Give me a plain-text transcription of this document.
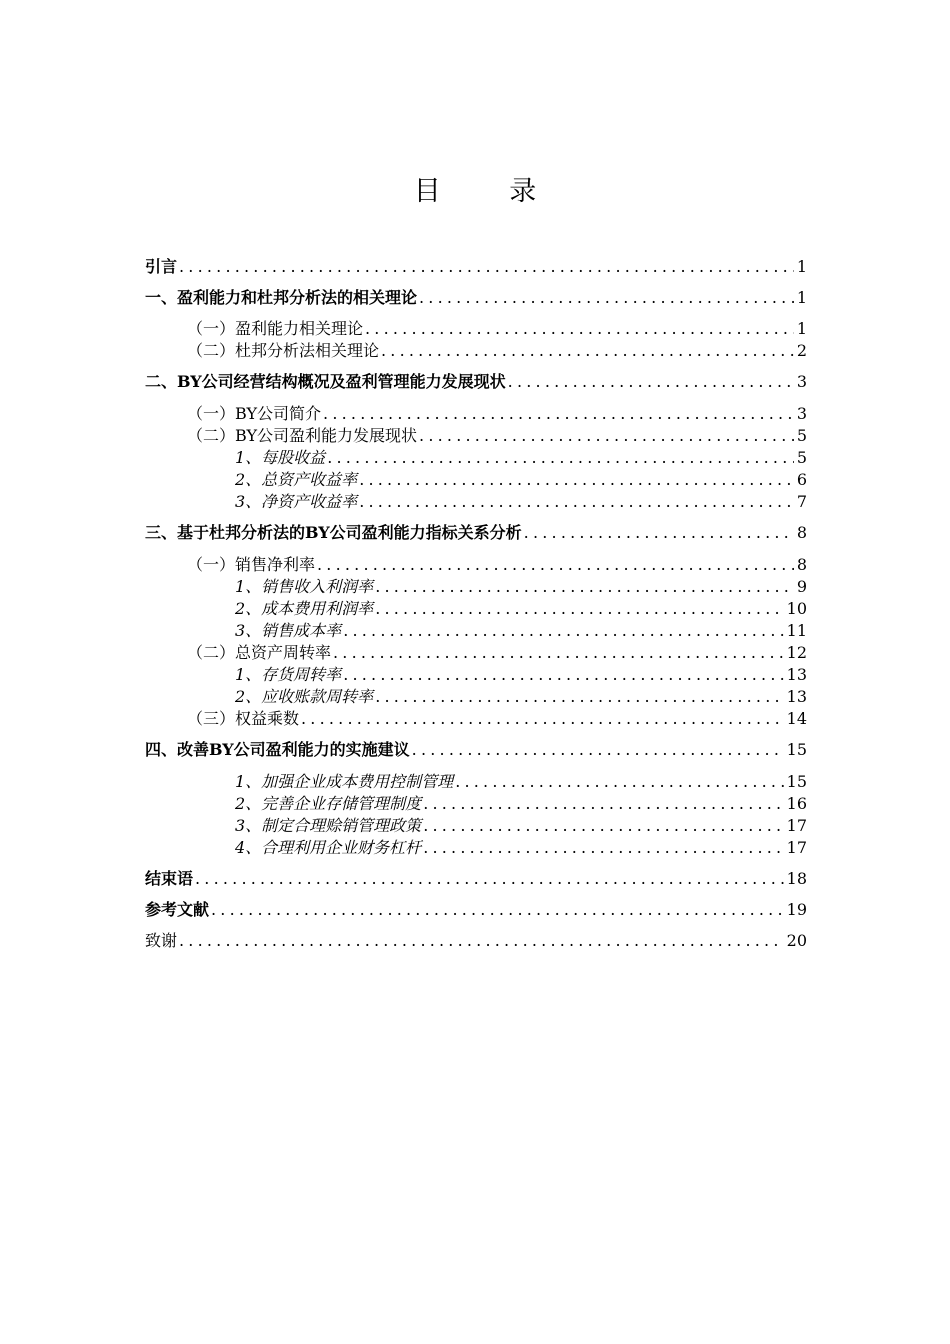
目 录
引言 .....	1
一、盈利能力和杜邦分析法的相关理论 .....	1
（一）盈利能力相关理论 .....	1
（二）杜邦分析法相关理论 .....	2
二、BY公司经营结构概况及盈利管理能力发展现状 .....	3
（一）BY公司简介 .....	3
（二）BY公司盈利能力发展现状 .....	5
1、每股收益 .....	5
2、总资产收益率 .....	6
3、净资产收益率 .....	7
三、基于杜邦分析法的BY公司盈利能力指标关系分析 .....	8
（一）销售净利率 .....	8
1、销售收入利润率 .....	9
2、成本费用利润率 .....	10
3、销售成本率 .....	11
（二）总资产周转率 .....	12
1、存货周转率 .....	13
2、应收账款周转率 .....	13
（三）权益乘数 .....	14
四、改善BY公司盈利能力的实施建议 .....	15
1、加强企业成本费用控制管理 .....	15
2、完善企业存储管理制度 .....	16
3、制定合理赊销管理政策 .....	17
4、合理利用企业财务杠杆 .....	17
结束语 .....	18
参考文献 .....	19
致谢 .....	20
